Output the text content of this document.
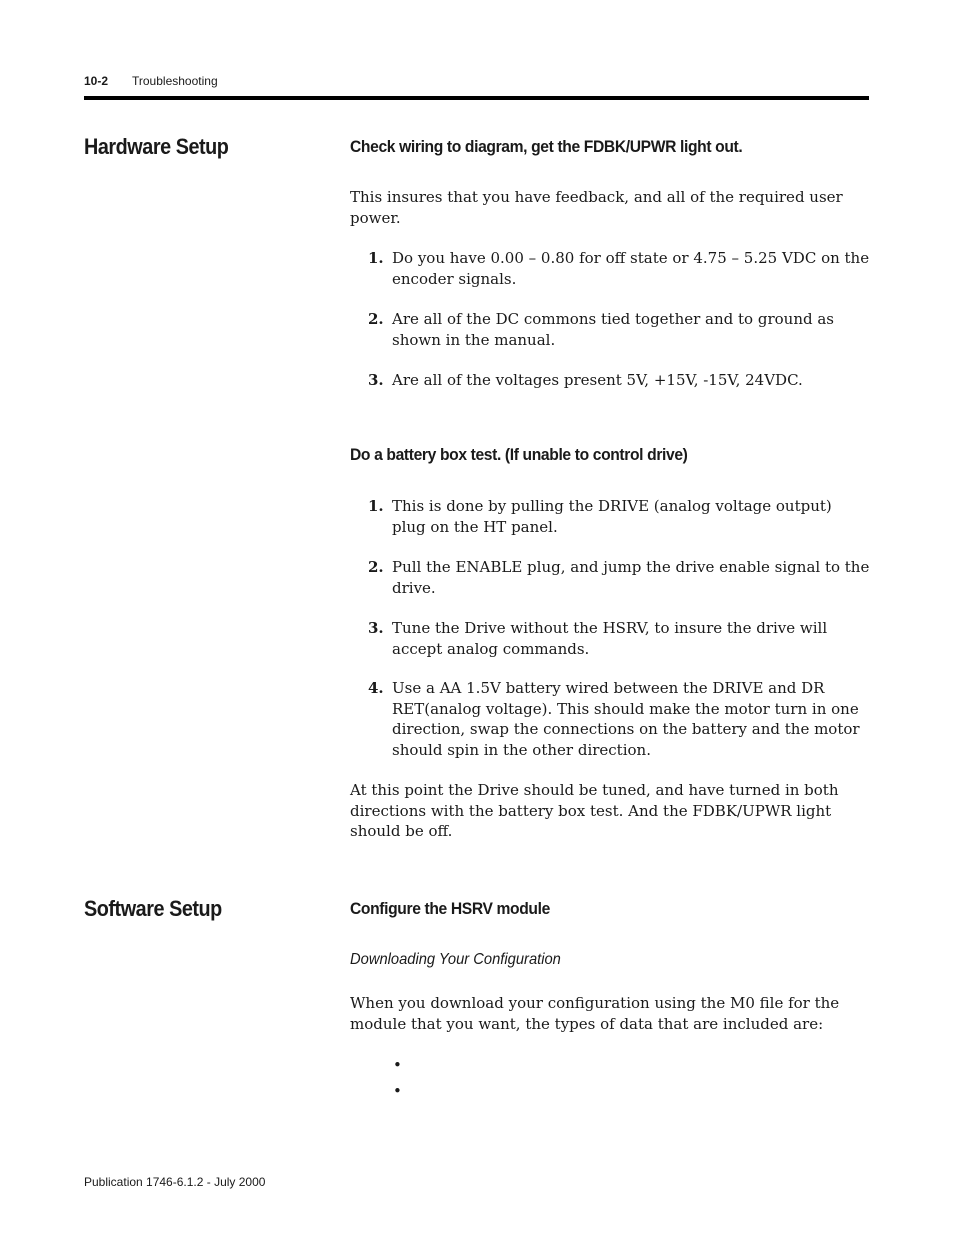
10-2 Troubleshooting
Hardware Setup	Check wiring to diagram, get the FDBK/UPWR light out.
This insures that you have feedback, and all of the required user power.
1. Do you have 0.00 – 0.80 for off state or 4.75 – 5.25 VDC on the encoder signals.
2. Are all of the DC commons tied together and to ground as shown in the manual.
3. Are all of the voltages present 5V, +15V, -15V, 24VDC.
Do a battery box test. (If unable to control drive)
1. This is done by pulling the DRIVE (analog voltage output) plug on the HT panel.
2. Pull the ENABLE plug, and jump the drive enable signal to the drive.
3. Tune the Drive without the HSRV, to insure the drive will accept analog commands.
4. Use a AA 1.5V battery wired between the DRIVE and DR RET(analog voltage). This should make the motor turn in one direction, swap the connections on the battery and the motor should spin in the other direction.
At this point the Drive should be tuned, and have turned in both directions with the battery box test. And the FDBK/UPWR light should be off.
Software Setup	Configure the HSRV module
Downloading Your Configuration
When you download your configuration using the M0 file for the module that you want, the types of data that are included are:
•
•
Publication 1746-6.1.2 - July 2000
